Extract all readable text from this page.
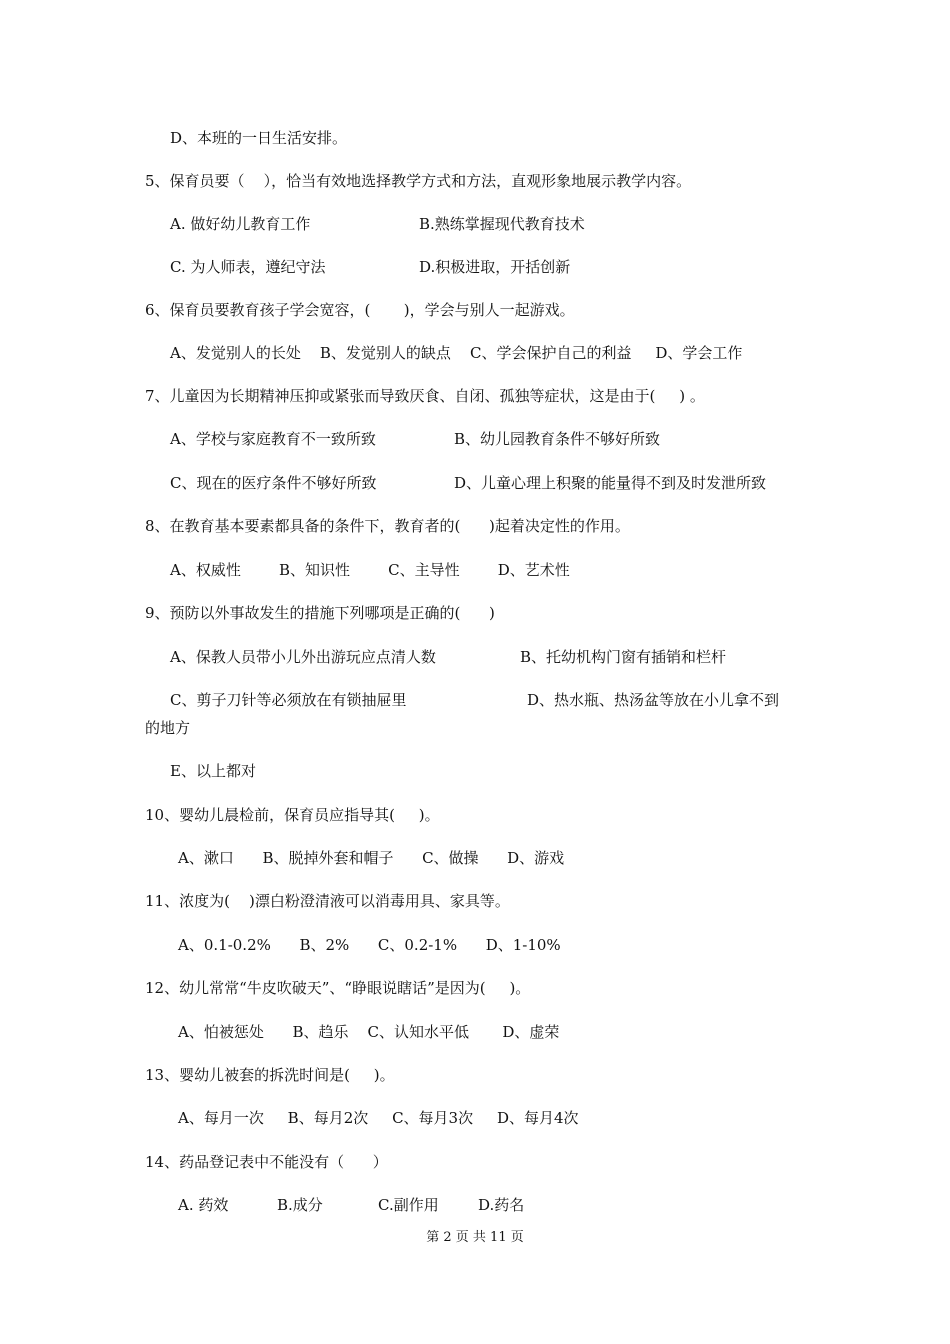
D、本班的一日生活安排。
5、保育员要（    ），恰当有效地选择教学方式和方法，直观形象地展示教学内容。
A. 做好幼儿教育工作	B.熟练掌握现代教育技术
C. 为人师表，遵纪守法	D.积极进取，开括创新
6、保育员要教育孩子学会宽容，(       )，学会与别人一起游戏。
A、发觉别人的长处    B、发觉别人的缺点    C、学会保护自己的利益     D、学会工作
7、儿童因为长期精神压抑或紧张而导致厌食、自闭、孤独等症状，这是由于(     ) 。
A、学校与家庭教育不一致所致	B、幼儿园教育条件不够好所致
C、现在的医疗条件不够好所致	D、儿童心理上积聚的能量得不到及时发泄所致
8、在教育基本要素都具备的条件下，教育者的(      )起着决定性的作用。
A、权威性        B、知识性        C、主导性        D、艺术性
9、预防以外事故发生的措施下列哪项是正确的(      )
A、保教人员带小儿外出游玩应点清人数	B、托幼机构门窗有插销和栏杆
C、剪子刀针等必须放在有锁抽屉里	D、热水瓶、热汤盆等放在小儿拿不到
的地方
E、以上都对
10、婴幼儿晨检前，保育员应指导其(     )。
A、漱口      B、脱掉外套和帽子      C、做操      D、游戏
11、浓度为(    )漂白粉澄清液可以消毒用具、家具等。
A、0.1-0.2%      B、2%      C、0.2-1%      D、1-10%
12、幼儿常常“牛皮吹破天”、“睁眼说瞎话”是因为(     )。
A、怕被惩处      B、趋乐    C、认知水平低       D、虚荣
13、婴幼儿被套的拆洗时间是(     )。
A、每月一次     B、每月2次     C、每月3次     D、每月4次
14、药品登记表中不能没有（      ）
A. 药效	B.成分	C.副作用	D.药名
第 2 页 共 11 页
